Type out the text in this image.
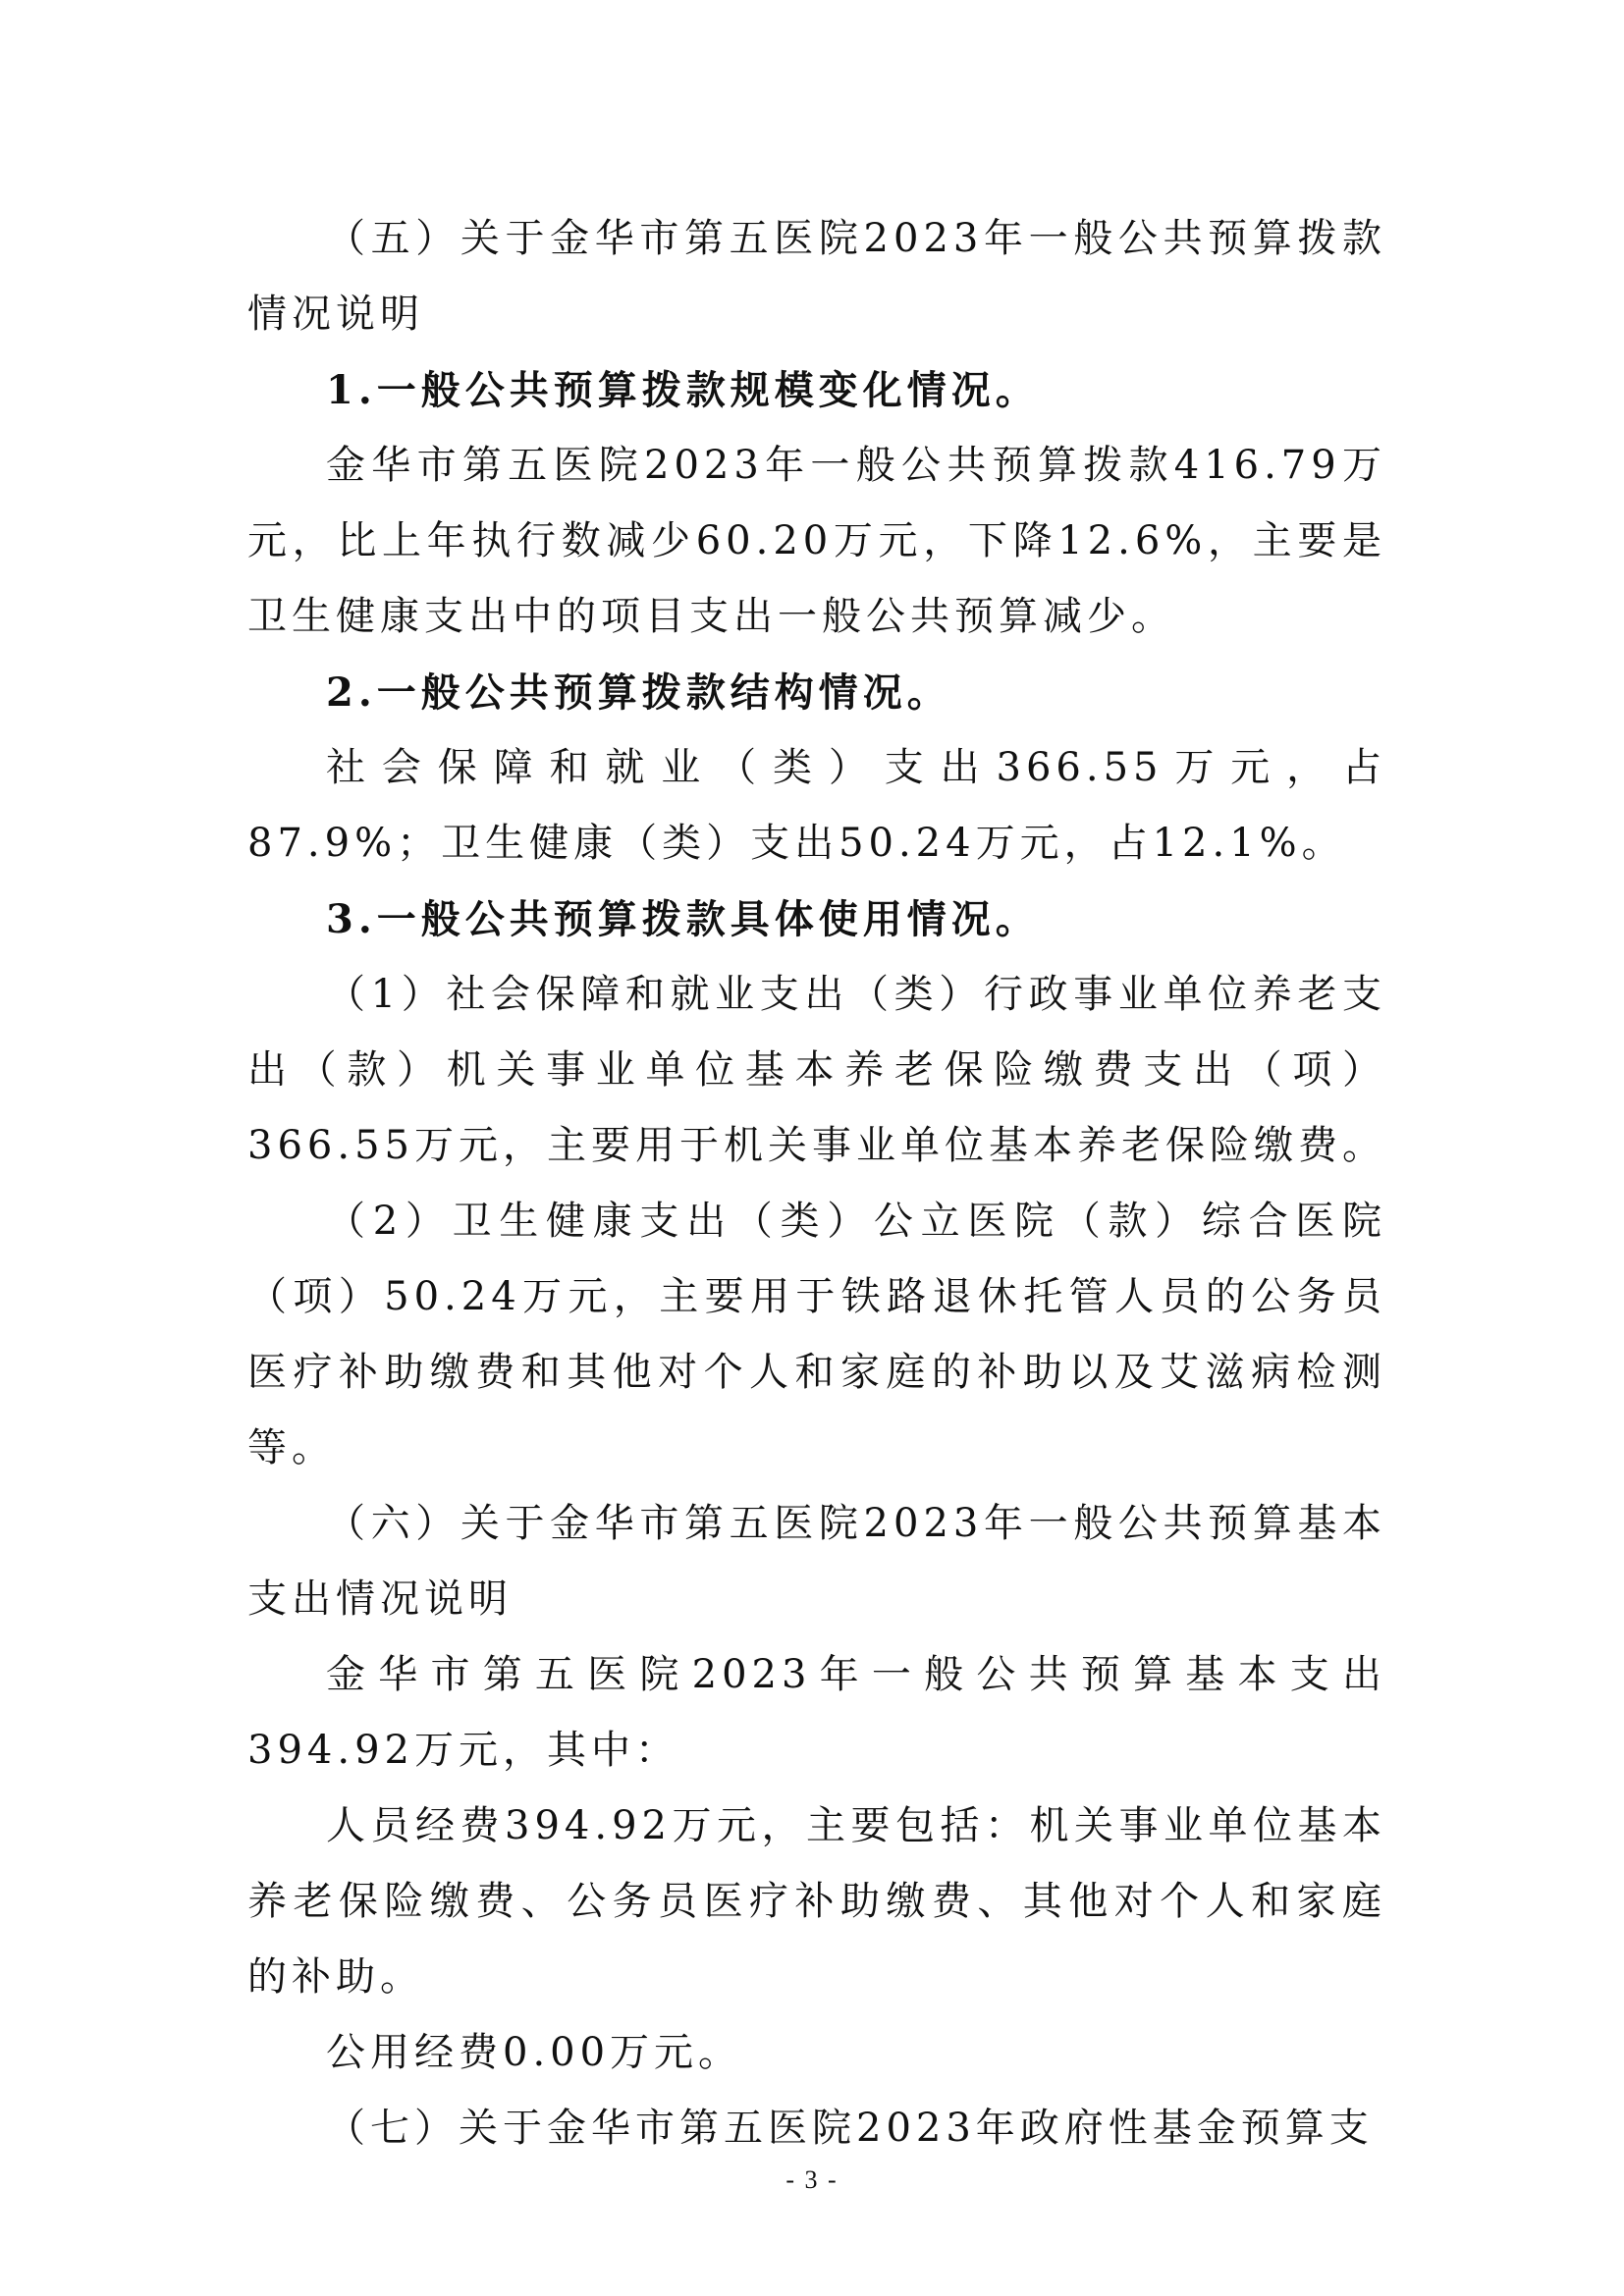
（五）关于金华市第五医院2023年一般公共预算拨款情况说明

1.一般公共预算拨款规模变化情况。

金华市第五医院2023年一般公共预算拨款416.79万元，比上年执行数减少60.20万元，下降12.6%，主要是卫生健康支出中的项目支出一般公共预算减少。

2.一般公共预算拨款结构情况。

社会保障和就业（类）支出366.55万元，占87.9%；卫生健康（类）支出50.24万元，占12.1%。

3.一般公共预算拨款具体使用情况。

（1）社会保障和就业支出（类）行政事业单位养老支出（款）机关事业单位基本养老保险缴费支出（项）366.55万元，主要用于机关事业单位基本养老保险缴费。

（2）卫生健康支出（类）公立医院（款）综合医院（项）50.24万元，主要用于铁路退休托管人员的公务员医疗补助缴费和其他对个人和家庭的补助以及艾滋病检测等。

（六）关于金华市第五医院2023年一般公共预算基本支出情况说明

金华市第五医院2023年一般公共预算基本支出394.92万元，其中：

人员经费394.92万元，主要包括：机关事业单位基本养老保险缴费、公务员医疗补助缴费、其他对个人和家庭的补助。

公用经费0.00万元。

（七）关于金华市第五医院2023年政府性基金预算支

- 3 -
